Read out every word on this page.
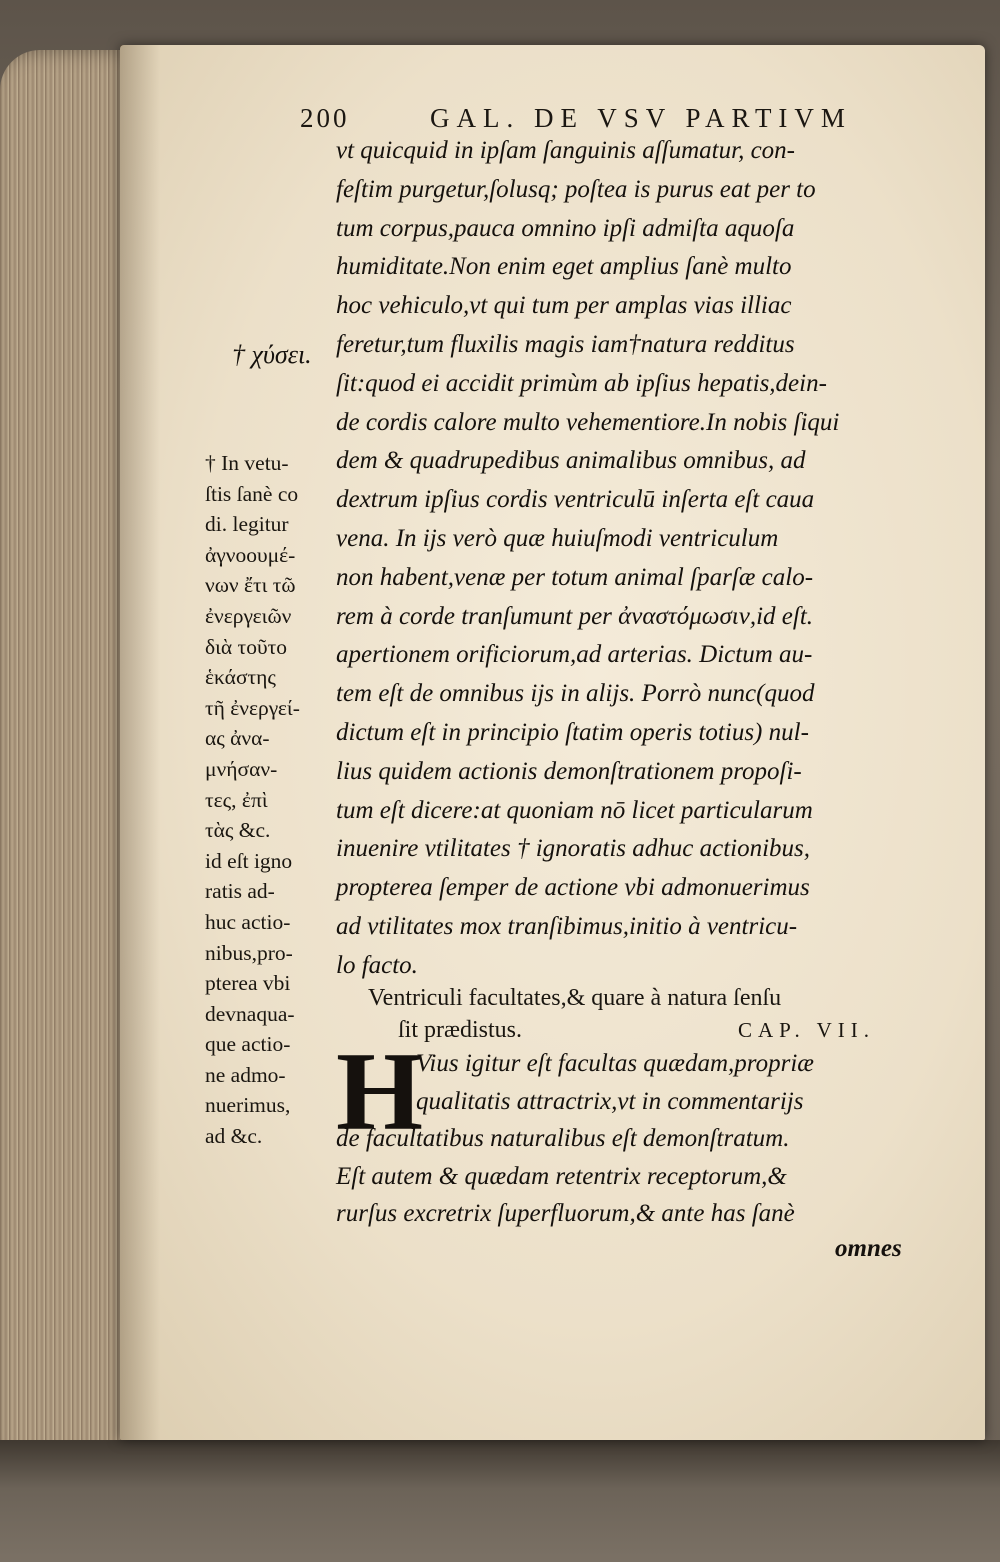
200	GAL. DE VSV PARTIVM
vt quicquid in ipſam ſanguinis aſſumatur, con-
feſtim purgetur,ſolusq; poſtea is purus eat per to
tum corpus,pauca omnino ipſi admiſta aquoſa
humiditate.Non enim eget amplius ſanè multo
hoc vehiculo,vt qui tum per amplas vias illiac
feretur,tum fluxilis magis iam†natura redditus
ſit:quod ei accidit primùm ab ipſius hepatis,dein-
de cordis calore multo vehementiore.In nobis ſiqui
dem & quadrupedibus animalibus omnibus, ad
dextrum ipſius cordis ventriculū inſerta eſt caua
vena. In ijs verò quæ huiuſmodi ventriculum
non habent,venæ per totum animal ſparſæ calo-
rem à corde tranſumunt per ἀναστόμωσιν,id eſt.
apertionem orificiorum,ad arterias. Dictum au-
tem eſt de omnibus ijs in alijs. Porrò nunc(quod
dictum eſt in principio ſtatim operis totius) nul-
lius quidem actionis demonſtrationem propoſi-
tum eſt dicere:at quoniam nō licet particularum
inuenire vtilitates † ignoratis adhuc actionibus,
propterea ſemper de actione vbi admonuerimus
ad vtilitates mox tranſibimus,initio à ventricu-
lo facto.
† χύσει.
† In vetu-
ſtis ſanè co
di. legitur
ἀγνοουμέ-
νων ἔτι τῶ
ἐνεργειῶν
διὰ τοῦτο
ἑκάστης
τῆ ἐνεργεί-
ας ἀνα-
μνήσαν-
τες, ἐπὶ
τὰς &c.
id eſt igno
ratis ad-
huc actio-
nibus,pro-
pterea vbi
devnaqua-
que actio-
ne admo-
nuerimus,
ad &c.
Ventriculi facultates,& quare à natura ſenſu
ſit prædistus.	CAP. VII.
H
Vius igitur eſt facultas quædam,propriæ
qualitatis attractrix,vt in commentarijs
de facultatibus naturalibus eſt demonſtratum.
Eſt autem & quædam retentrix receptorum,&
rurſus excretrix ſuperfluorum,& ante has ſanè
omnes
